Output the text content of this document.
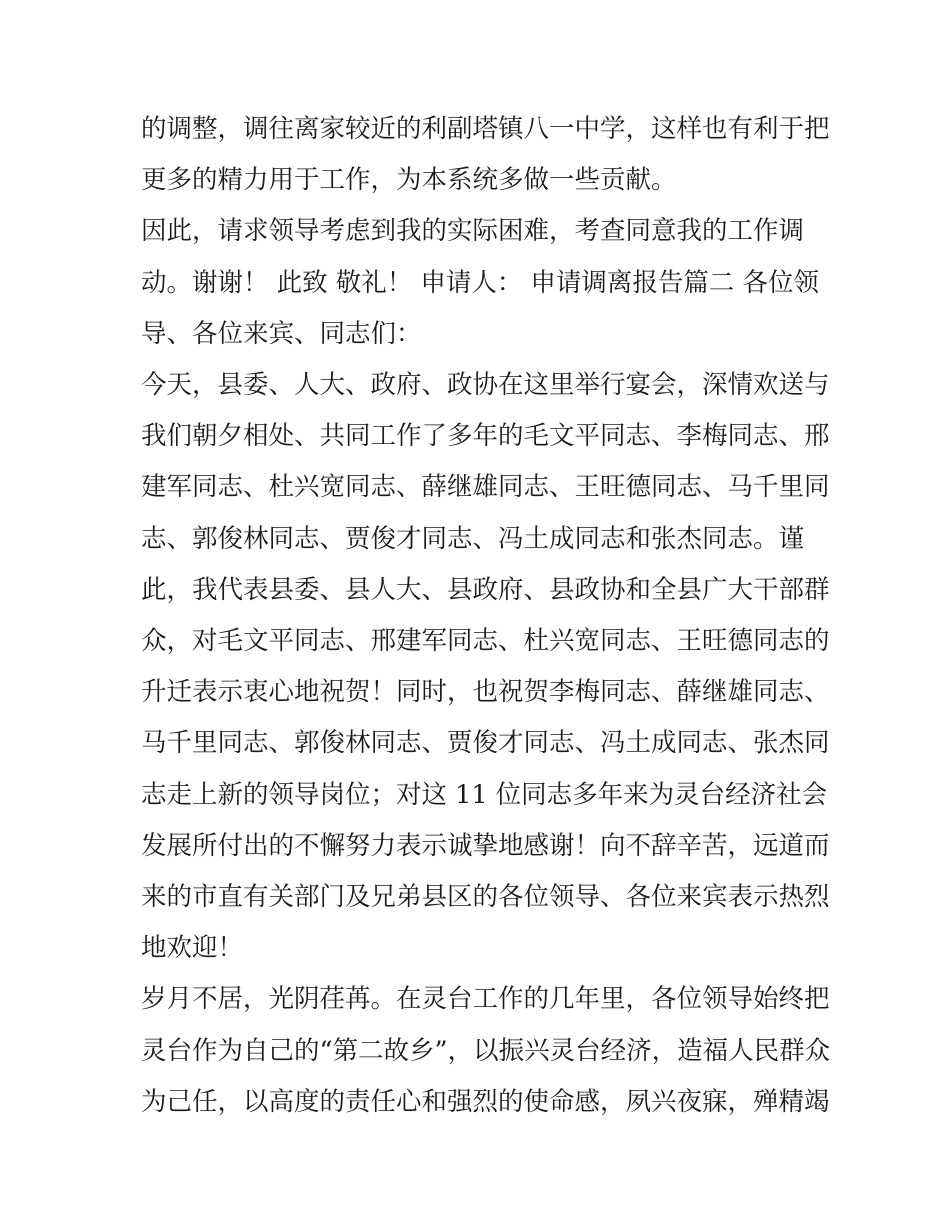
的调整，调往离家较近的利副塔镇八一中学，这样也有利于把

更多的精力用于工作，为本系统多做一些贡献。

因此，请求领导考虑到我的实际困难，考查同意我的工作调

动。谢谢！ 此致 敬礼！ 申请人： 申请调离报告篇二 各位领

导、各位来宾、同志们：

今天，县委、人大、政府、政协在这里举行宴会，深情欢送与

我们朝夕相处、共同工作了多年的毛文平同志、李梅同志、邢

建军同志、杜兴宽同志、薛继雄同志、王旺德同志、马千里同

志、郭俊林同志、贾俊才同志、冯土成同志和张杰同志。谨

此，我代表县委、县人大、县政府、县政协和全县广大干部群

众，对毛文平同志、邢建军同志、杜兴宽同志、王旺德同志的

升迁表示衷心地祝贺！同时，也祝贺李梅同志、薛继雄同志、

马千里同志、郭俊林同志、贾俊才同志、冯土成同志、张杰同

志走上新的领导岗位；对这 11 位同志多年来为灵台经济社会

发展所付出的不懈努力表示诚挚地感谢！向不辞辛苦，远道而

来的市直有关部门及兄弟县区的各位领导、各位来宾表示热烈

地欢迎！

岁月不居，光阴荏苒。在灵台工作的几年里，各位领导始终把

灵台作为自己的“第二故乡”，以振兴灵台经济，造福人民群众

为己任，以高度的责任心和强烈的使命感，夙兴夜寐，殚精竭
